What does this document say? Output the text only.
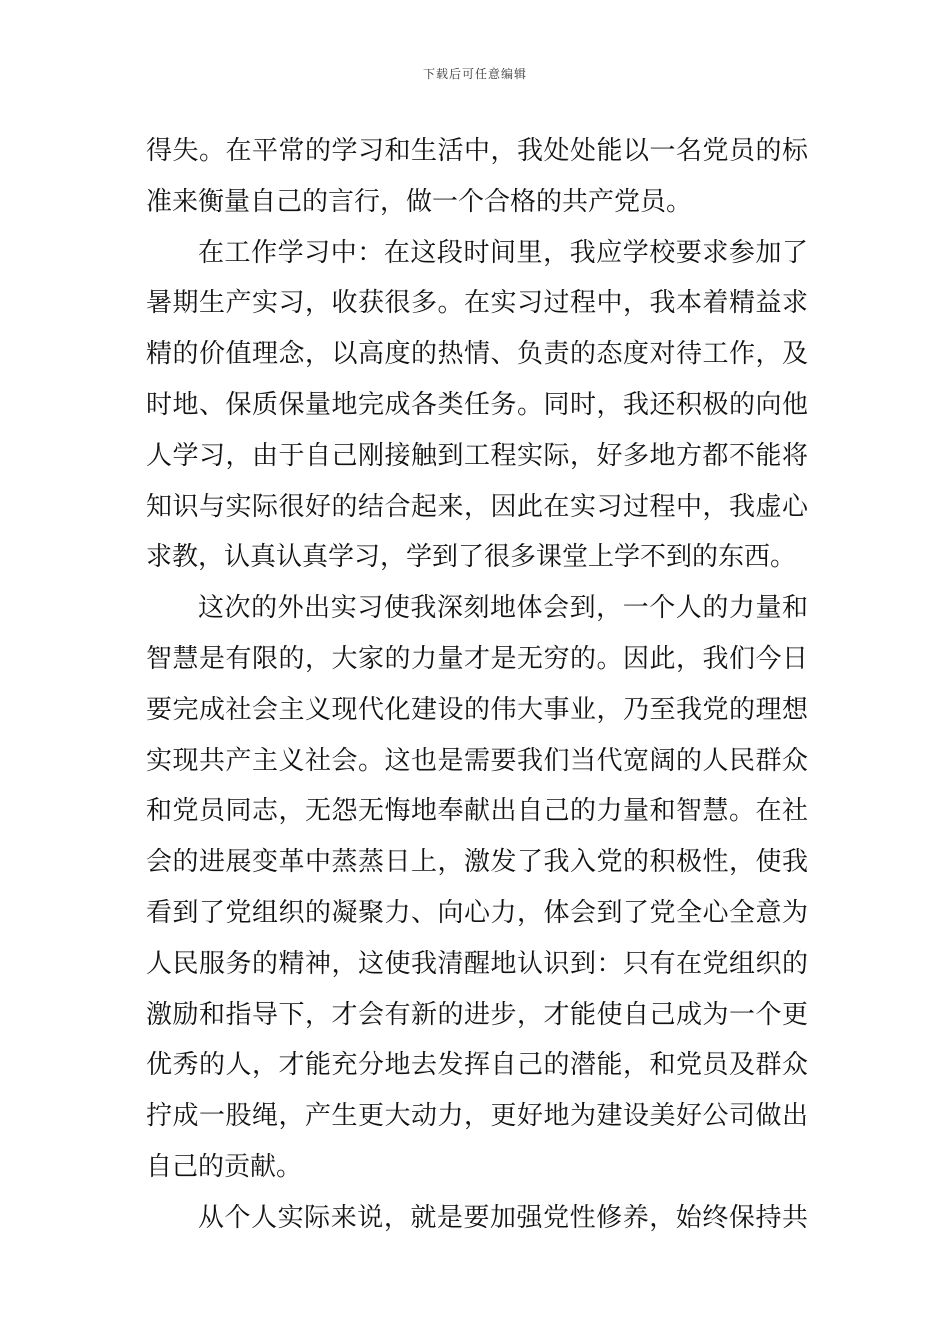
下载后可任意编辑
得失。在平常的学习和生活中，我处处能以一名党员的标
准来衡量自己的言行，做一个合格的共产党员。
在工作学习中：在这段时间里，我应学校要求参加了
暑期生产实习，收获很多。在实习过程中，我本着精益求
精的价值理念，以高度的热情、负责的态度对待工作，及
时地、保质保量地完成各类任务。同时，我还积极的向他
人学习，由于自己刚接触到工程实际，好多地方都不能将
知识与实际很好的结合起来，因此在实习过程中，我虚心
求教，认真认真学习，学到了很多课堂上学不到的东西。
这次的外出实习使我深刻地体会到，一个人的力量和
智慧是有限的，大家的力量才是无穷的。因此，我们今日
要完成社会主义现代化建设的伟大事业，乃至我党的理想
实现共产主义社会。这也是需要我们当代宽阔的人民群众
和党员同志，无怨无悔地奉献出自己的力量和智慧。在社
会的进展变革中蒸蒸日上，激发了我入党的积极性，使我
看到了党组织的凝聚力、向心力，体会到了党全心全意为
人民服务的精神，这使我清醒地认识到：只有在党组织的
激励和指导下，才会有新的进步，才能使自己成为一个更
优秀的人，才能充分地去发挥自己的潜能，和党员及群众
拧成一股绳，产生更大动力，更好地为建设美好公司做出
自己的贡献。
从个人实际来说，就是要加强党性修养，始终保持共
